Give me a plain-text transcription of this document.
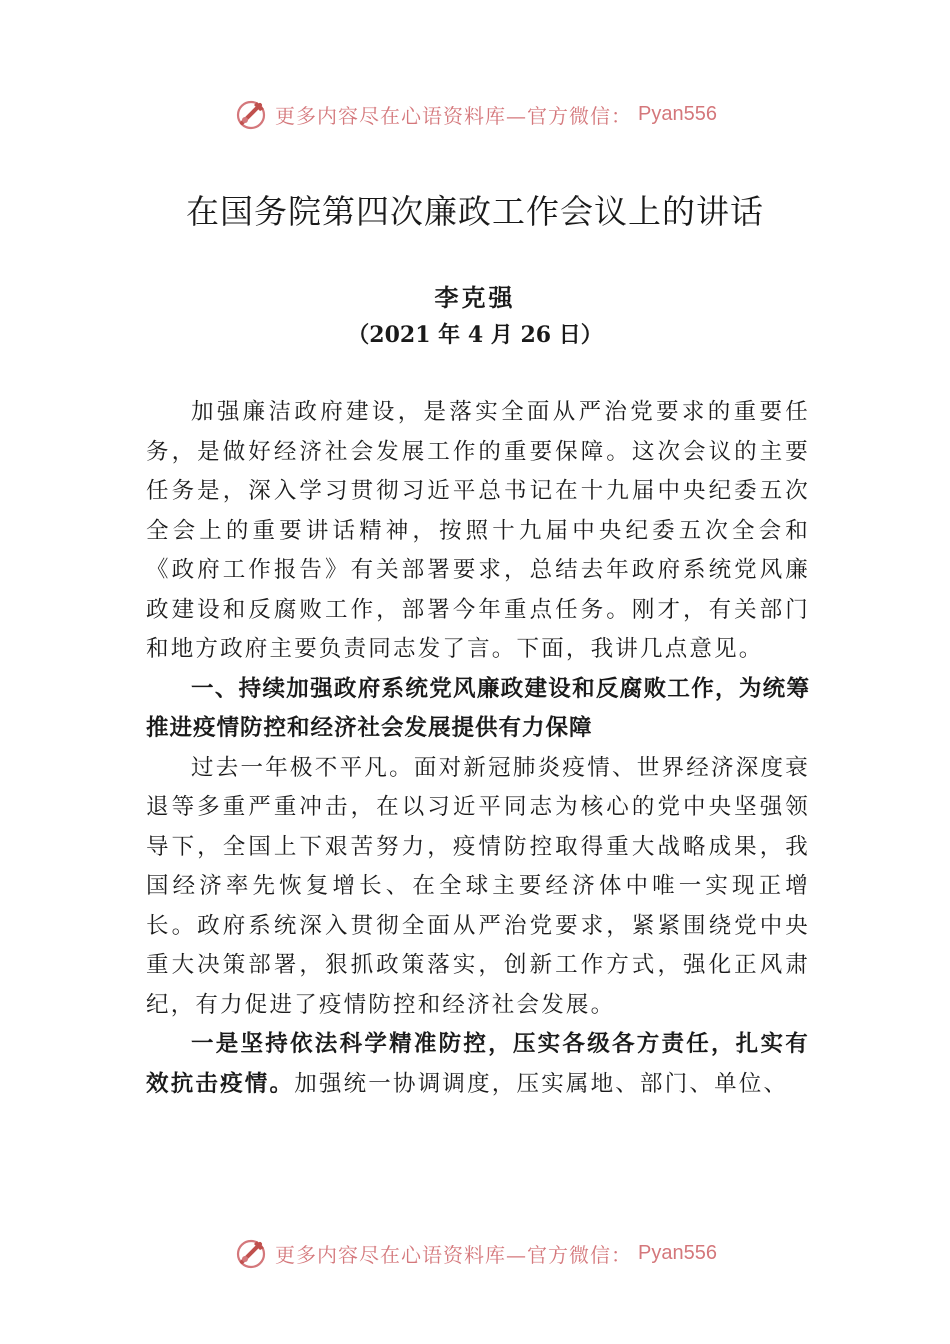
更多内容尽在心语资料库—官方微信： Pyan556
在国务院第四次廉政工作会议上的讲话
李克强
（2021 年 4 月 26 日）

加强廉洁政府建设，是落实全面从严治党要求的重要任务，是做好经济社会发展工作的重要保障。这次会议的主要任务是，深入学习贯彻习近平总书记在十九届中央纪委五次全会上的重要讲话精神，按照十九届中央纪委五次全会和《政府工作报告》有关部署要求，总结去年政府系统党风廉政建设和反腐败工作，部署今年重点任务。刚才，有关部门和地方政府主要负责同志发了言。下面，我讲几点意见。

一、持续加强政府系统党风廉政建设和反腐败工作，为统筹推进疫情防控和经济社会发展提供有力保障

过去一年极不平凡。面对新冠肺炎疫情、世界经济深度衰退等多重严重冲击，在以习近平同志为核心的党中央坚强领导下，全国上下艰苦努力，疫情防控取得重大战略成果，我国经济率先恢复增长、在全球主要经济体中唯一实现正增长。政府系统深入贯彻全面从严治党要求，紧紧围绕党中央重大决策部署，狠抓政策落实，创新工作方式，强化正风肃纪，有力促进了疫情防控和经济社会发展。

一是坚持依法科学精准防控，压实各级各方责任，扎实有效抗击疫情。加强统一协调调度，压实属地、部门、单位、

更多内容尽在心语资料库—官方微信： Pyan556
